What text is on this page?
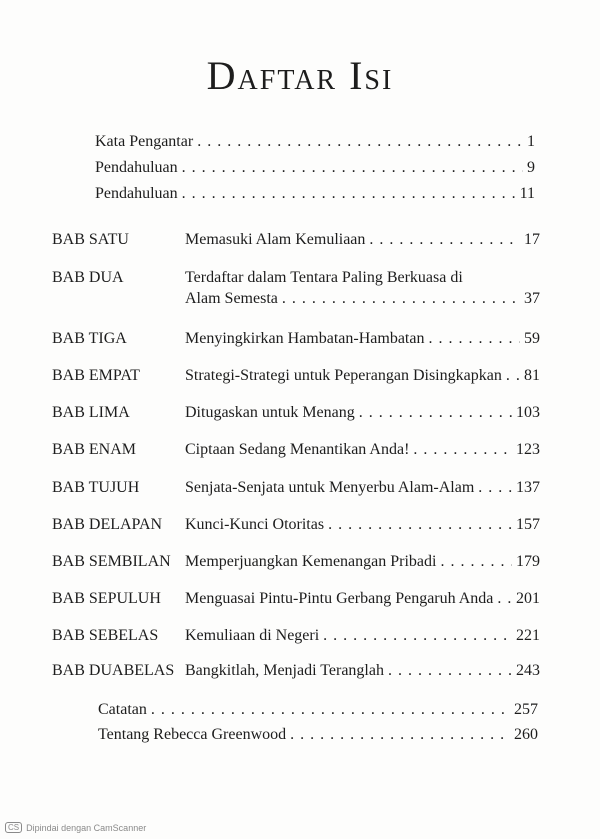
Daftar Isi
Kata Pengantar . . .	1
Pendahuluan . . .	9
Pendahuluan . . .	11
BAB SATU	Memasuki Alam Kemuliaan . . .	17
BAB DUA	Terdaftar dalam Tentara Paling Berkuasa di
Alam Semesta . . .	37
BAB TIGA	Menyingkirkan Hambatan-Hambatan . . .	59
BAB EMPAT	Strategi-Strategi untuk Peperangan Disingkapkan . . . 81
BAB LIMA	Ditugaskan untuk Menang . . .	103
BAB ENAM	Ciptaan Sedang Menantikan Anda! . . .	123
BAB TUJUH	Senjata-Senjata untuk Menyerbu Alam-Alam . . .	137
BAB DELAPAN Kunci-Kunci Otoritas . . .	157
BAB SEMBILAN Memperjuangkan Kemenangan Pribadi . . .	179
BAB SEPULUH Menguasai Pintu-Pintu Gerbang Pengaruh Anda . . . 201
BAB SEBELAS Kemuliaan di Negeri . . .	221
BAB DUABELAS Bangkitlah, Menjadi Teranglah . . .	243
Catatan . . .	257
Tentang Rebecca Greenwood . . .	260
CS Dipindai dengan CamScanner
